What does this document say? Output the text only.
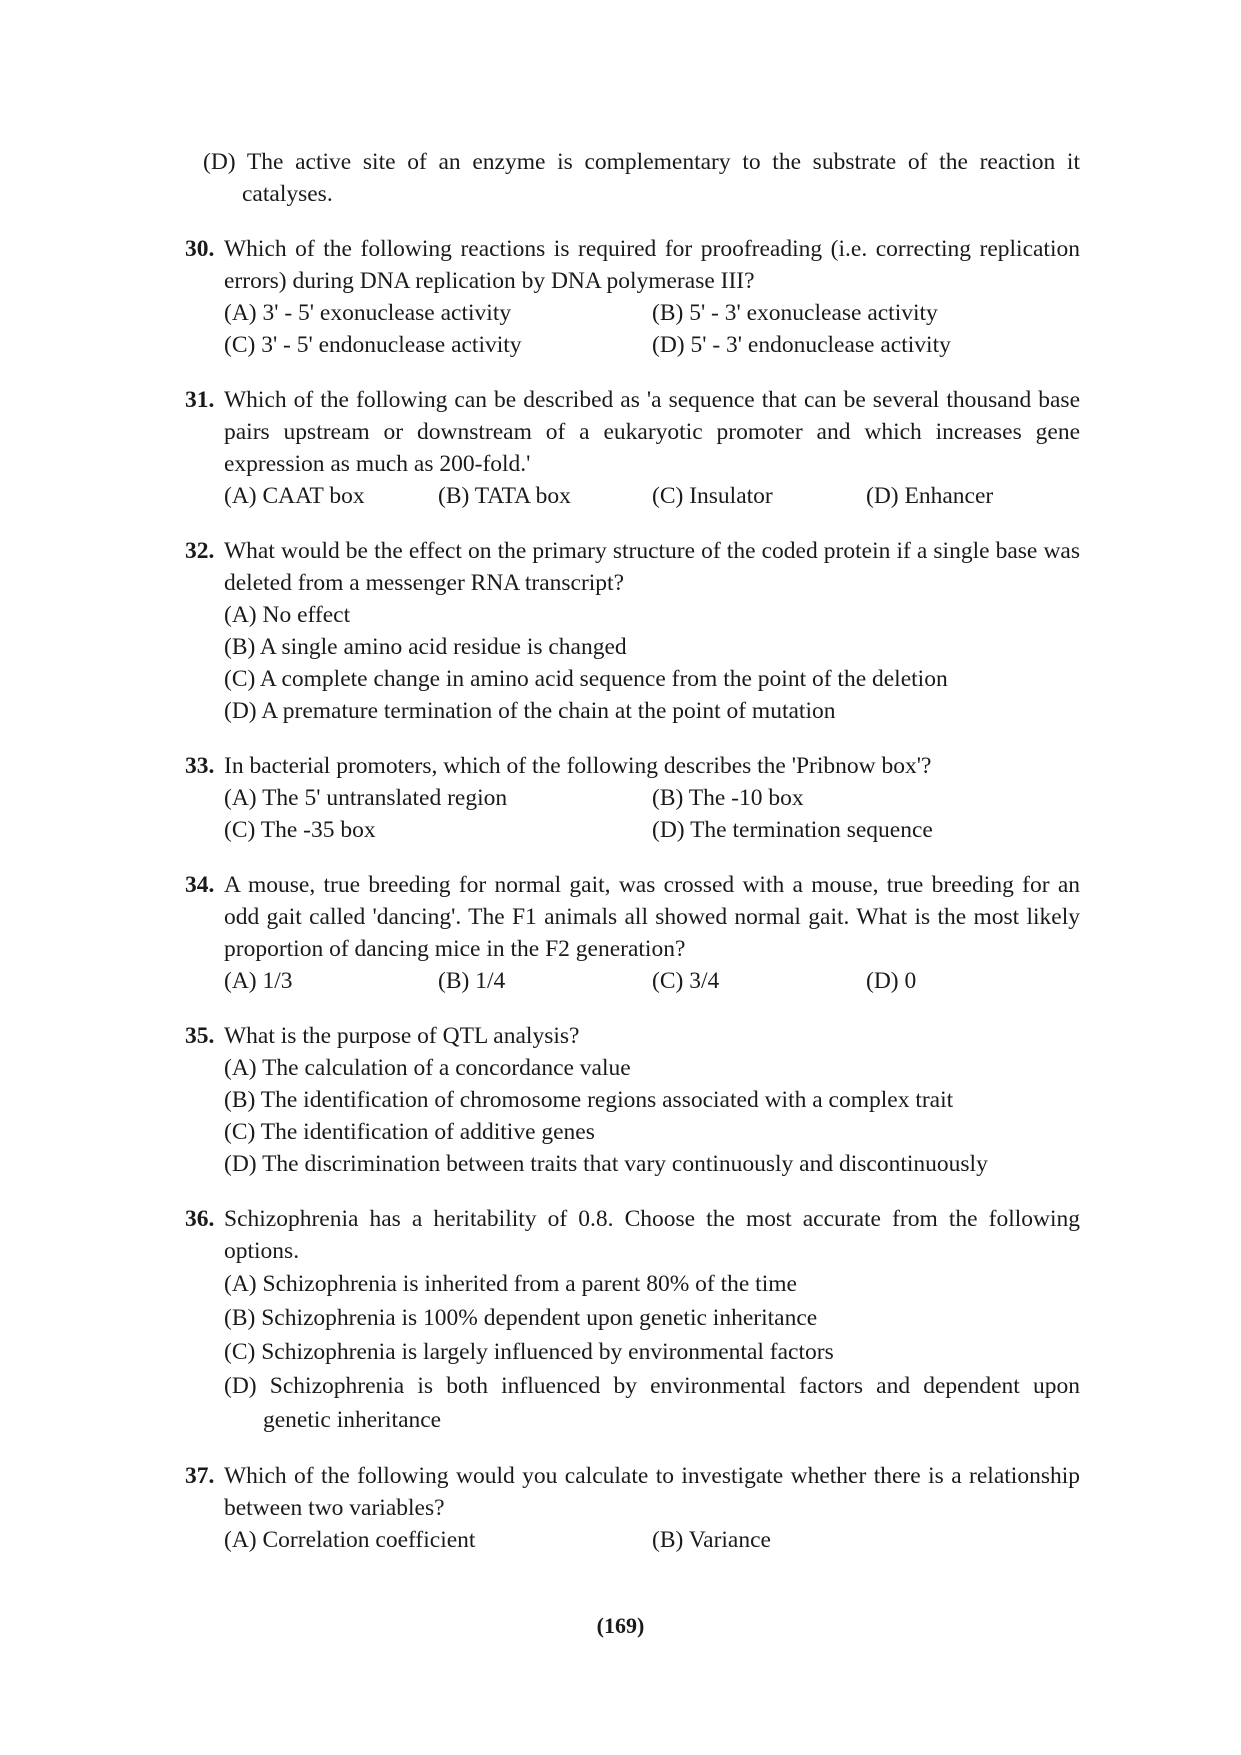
(D) The active site of an enzyme is complementary to the substrate of the reaction it catalyses.
30. Which of the following reactions is required for proofreading (i.e. correcting replication errors) during DNA replication by DNA polymerase III?
(A) 3' - 5' exonuclease activity	(B) 5' - 3' exonuclease activity
(C) 3' - 5' endonuclease activity	(D) 5' - 3' endonuclease activity
31. Which of the following can be described as 'a sequence that can be several thousand base pairs upstream or downstream of a eukaryotic promoter and which increases gene expression as much as 200-fold.'
(A) CAAT box	(B) TATA box	(C) Insulator	(D) Enhancer
32. What would be the effect on the primary structure of the coded protein if a single base was deleted from a messenger RNA transcript?
(A) No effect
(B) A single amino acid residue is changed
(C) A complete change in amino acid sequence from the point of the deletion
(D) A premature termination of the chain at the point of mutation
33. In bacterial promoters, which of the following describes the 'Pribnow box'?
(A) The 5' untranslated region	(B) The -10 box
(C) The -35 box	(D) The termination sequence
34. A mouse, true breeding for normal gait, was crossed with a mouse, true breeding for an odd gait called 'dancing'. The F1 animals all showed normal gait. What is the most likely proportion of dancing mice in the F2 generation?
(A) 1/3	(B) 1/4	(C) 3/4	(D) 0
35. What is the purpose of QTL analysis?
(A) The calculation of a concordance value
(B) The identification of chromosome regions associated with a complex trait
(C) The identification of additive genes
(D) The discrimination between traits that vary continuously and discontinuously
36. Schizophrenia has a heritability of 0.8. Choose the most accurate from the following options.
(A) Schizophrenia is inherited from a parent 80% of the time
(B) Schizophrenia is 100% dependent upon genetic inheritance
(C) Schizophrenia is largely influenced by environmental factors
(D) Schizophrenia is both influenced by environmental factors and dependent upon genetic inheritance
37. Which of the following would you calculate to investigate whether there is a relationship between two variables?
(A) Correlation coefficient	(B) Variance
(169)
